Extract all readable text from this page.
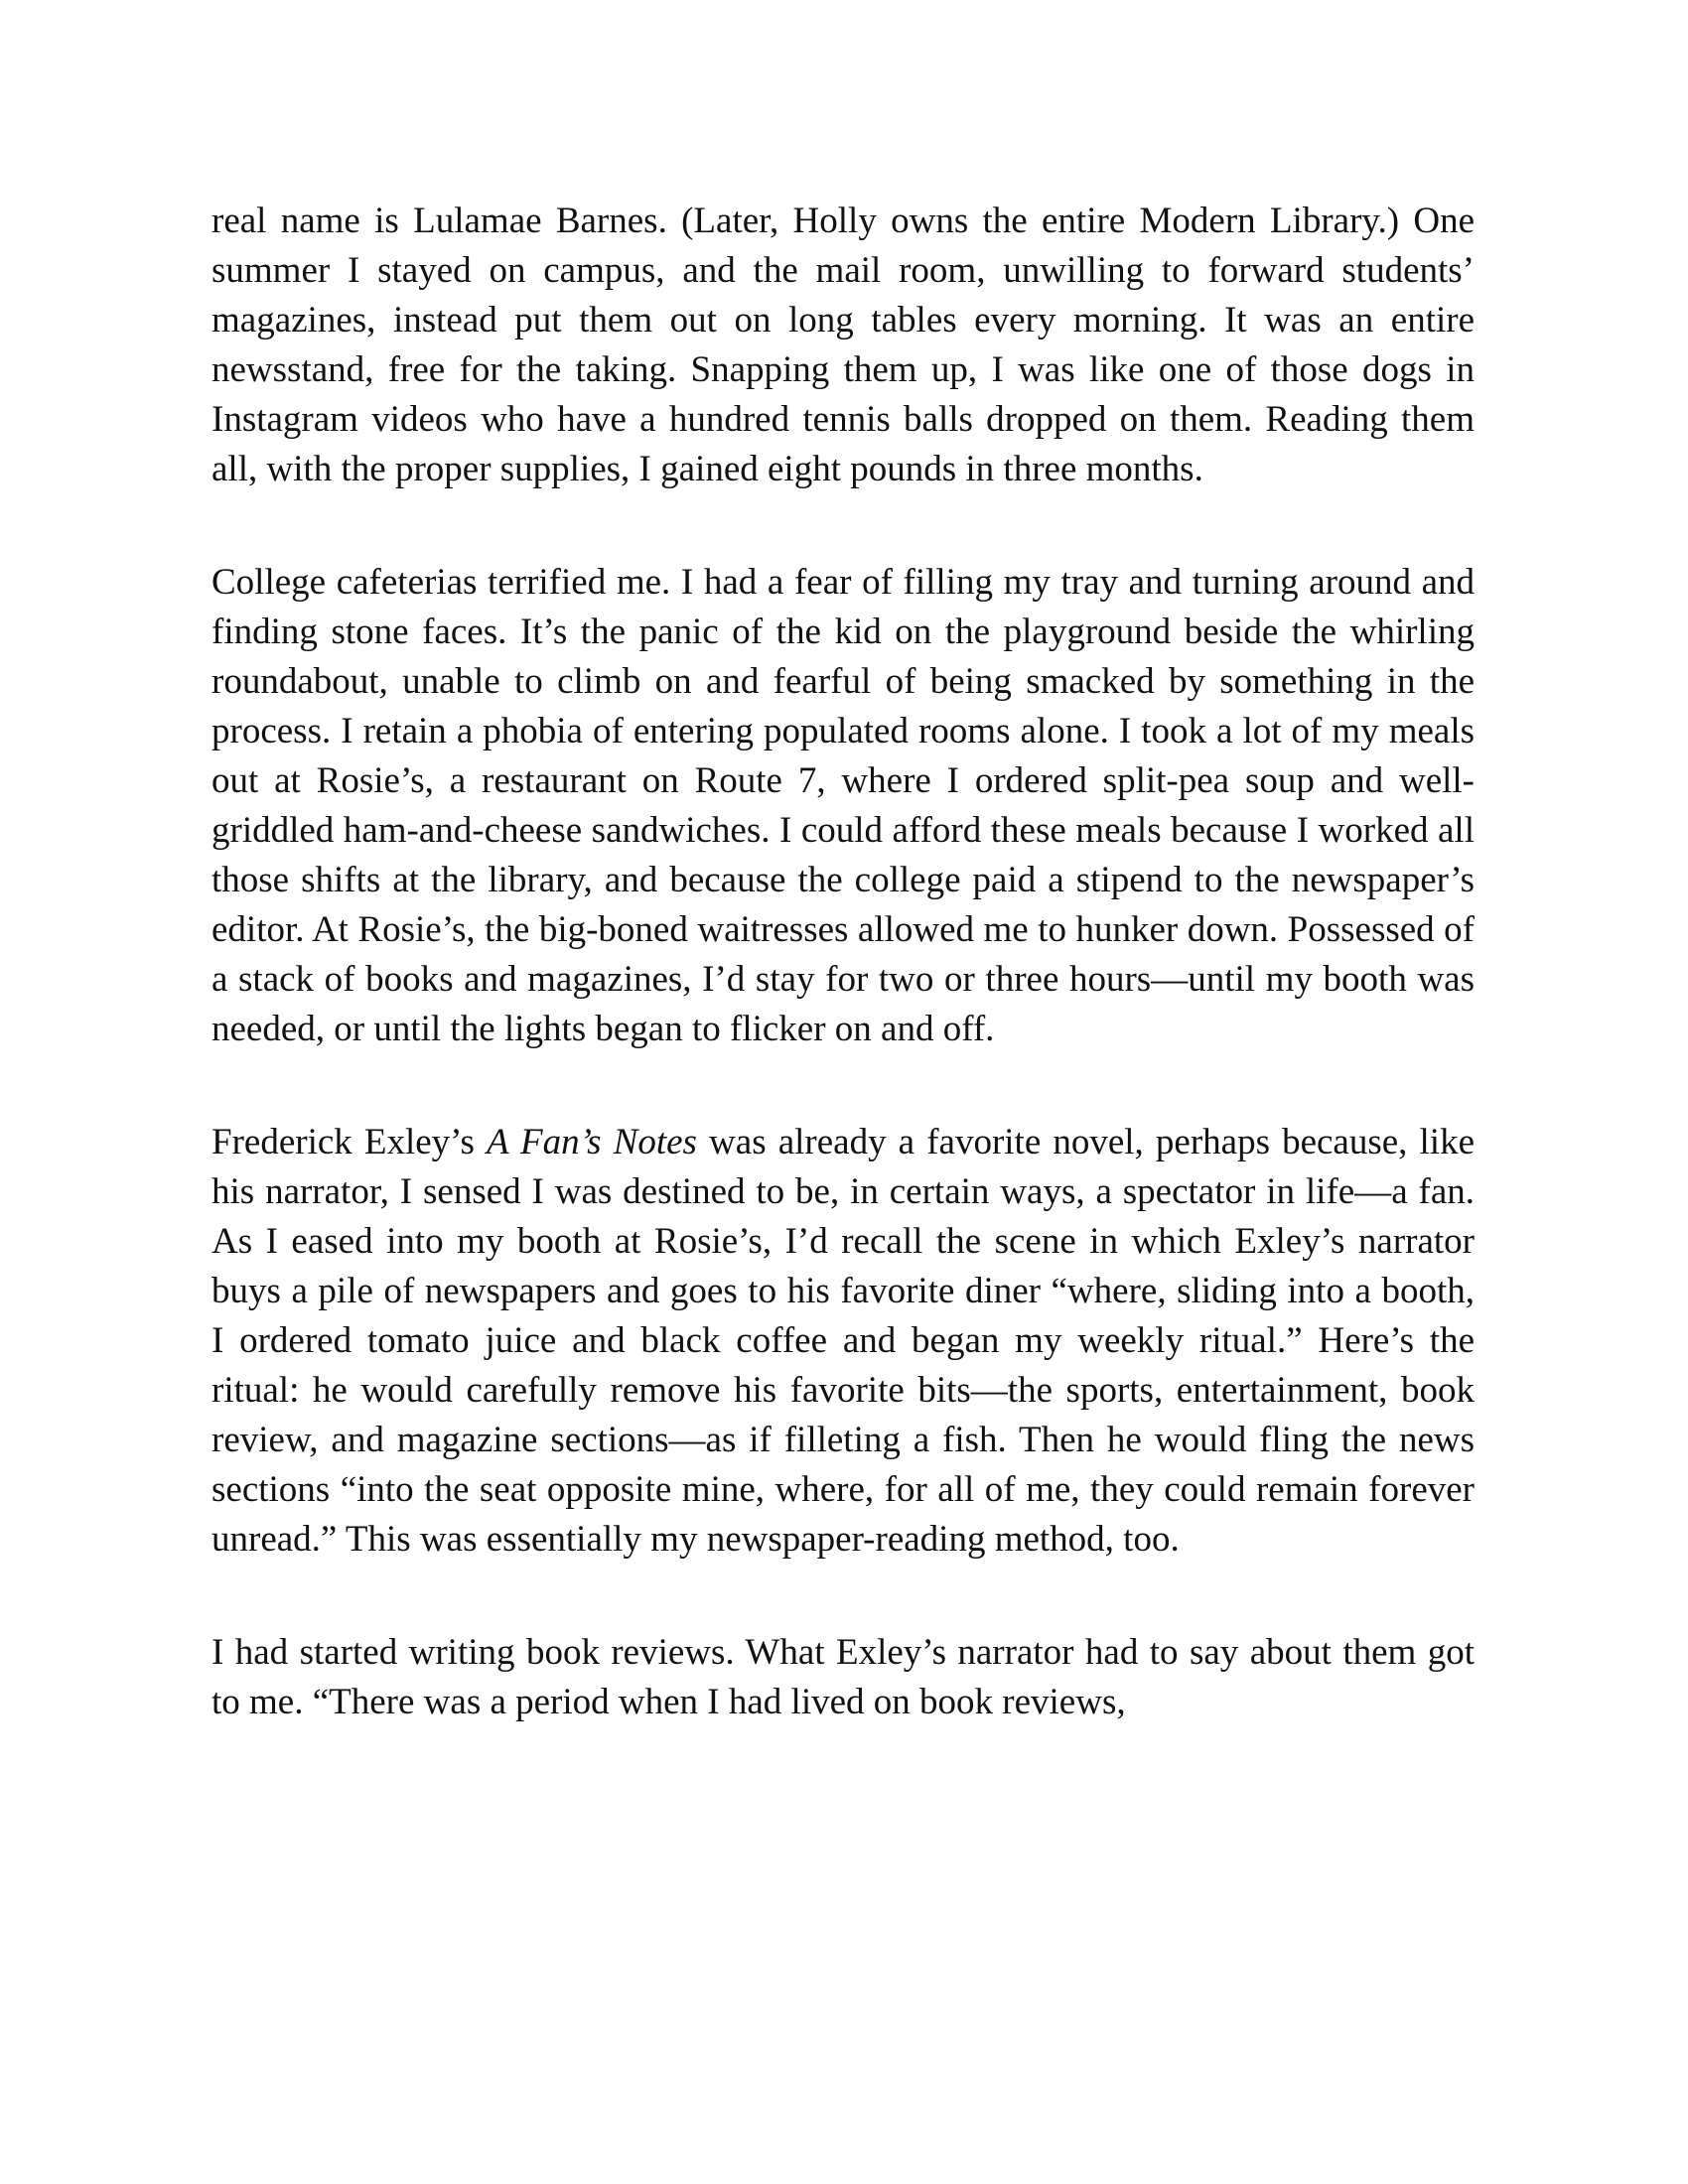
real name is Lulamae Barnes. (Later, Holly owns the entire Modern Library.) One summer I stayed on campus, and the mail room, unwilling to forward students’ magazines, instead put them out on long tables every morning. It was an entire newsstand, free for the taking. Snapping them up, I was like one of those dogs in Instagram videos who have a hundred tennis balls dropped on them. Reading them all, with the proper supplies, I gained eight pounds in three months.

College cafeterias terrified me. I had a fear of filling my tray and turning around and finding stone faces. It’s the panic of the kid on the playground beside the whirling roundabout, unable to climb on and fearful of being smacked by something in the process. I retain a phobia of entering populated rooms alone. I took a lot of my meals out at Rosie’s, a restaurant on Route 7, where I ordered split-pea soup and well-griddled ham-and-cheese sandwiches. I could afford these meals because I worked all those shifts at the library, and because the college paid a stipend to the newspaper’s editor. At Rosie’s, the big-boned waitresses allowed me to hunker down. Possessed of a stack of books and magazines, I’d stay for two or three hours—until my booth was needed, or until the lights began to flicker on and off.

Frederick Exley’s A Fan’s Notes was already a favorite novel, perhaps because, like his narrator, I sensed I was destined to be, in certain ways, a spectator in life—a fan. As I eased into my booth at Rosie’s, I’d recall the scene in which Exley’s narrator buys a pile of newspapers and goes to his favorite diner “where, sliding into a booth, I ordered tomato juice and black coffee and began my weekly ritual.” Here’s the ritual: he would carefully remove his favorite bits—the sports, entertainment, book review, and magazine sections—as if filleting a fish. Then he would fling the news sections “into the seat opposite mine, where, for all of me, they could remain forever unread.” This was essentially my newspaper-reading method, too.

I had started writing book reviews. What Exley’s narrator had to say about them got to me. “There was a period when I had lived on book reviews,
